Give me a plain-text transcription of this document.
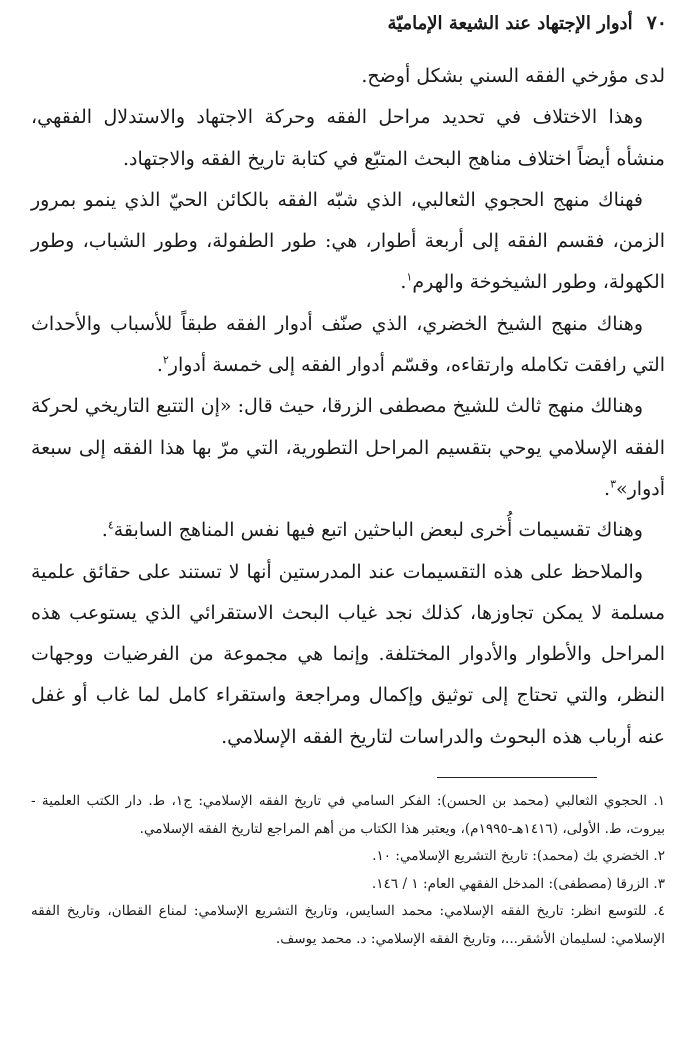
٧٠
أدوار الإجتهاد عند الشيعة الإماميّة

لدى مؤرخي الفقه السني بشكل أوضح.

وهذا الاختلاف في تحديد مراحل الفقه وحركة الاجتهاد والاستدلال الفقهي، منشأه أيضاً اختلاف مناهج البحث المتبّع في كتابة تاريخ الفقه والاجتهاد.

فهناك منهج الحجوي الثعالبي، الذي شبّه الفقه بالكائن الحيّ الذي ينمو بمرور الزمن، فقسم الفقه إلى أربعة أطوار، هي: طور الطفولة، وطور الشباب، وطور الكهولة، وطور الشيخوخة والهرم$^١$.

وهناك منهج الشيخ الخضري، الذي صنّف أدوار الفقه طبقاً للأسباب والأحداث التي رافقت تكامله وارتقاءه، وقسّم أدوار الفقه إلى خمسة أدوار$^٢$.

وهنالك منهج ثالث للشيخ مصطفى الزرقا، حيث قال: «إن التتبع التاريخي لحركة الفقه الإسلامي يوحي بتقسيم المراحل التطورية، التي مرّ بها هذا الفقه إلى سبعة أدوار»$^٣$.

وهناك تقسيمات أُخرى لبعض الباحثين اتبع فيها نفس المناهج السابقة$^٤$.

والملاحظ على هذه التقسيمات عند المدرستين أنها لا تستند على حقائق علمية مسلمة لا يمكن تجاوزها، كذلك نجد غياب البحث الاستقرائي الذي يستوعب هذه المراحل والأطوار والأدوار المختلفة. وإنما هي مجموعة من الفرضيات ووجهات النظر، والتي تحتاج إلى توثيق وإكمال ومراجعة واستقراء كامل لما غاب أو غفل عنه أرباب هذه البحوث والدراسات لتاريخ الفقه الإسلامي.

١. الحجوي الثعالبي (محمد بن الحسن): الفكر السامي في تاريخ الفقه الإسلامي: ج١، ط. دار الكتب العلمية - بيروت، ط. الأولى، (١٤١٦هـ-١٩٩٥م)، ويعتبر هذا الكتاب من أهم المراجع لتاريخ الفقه الإسلامي.

٢. الخضري بك (محمد): تاريخ التشريع الإسلامي: ١٠.

٣. الزرقا (مصطفى): المدخل الفقهي العام: ١ / ١٤٦.

٤. للتوسع انظر: تاريخ الفقه الإسلامي: محمد السايس، وتاريخ التشريع الإسلامي: لمناع القطان، وتاريخ الفقه الإسلامي: لسليمان الأشقر...، وتاريخ الفقه الإسلامي: د. محمد يوسف.
